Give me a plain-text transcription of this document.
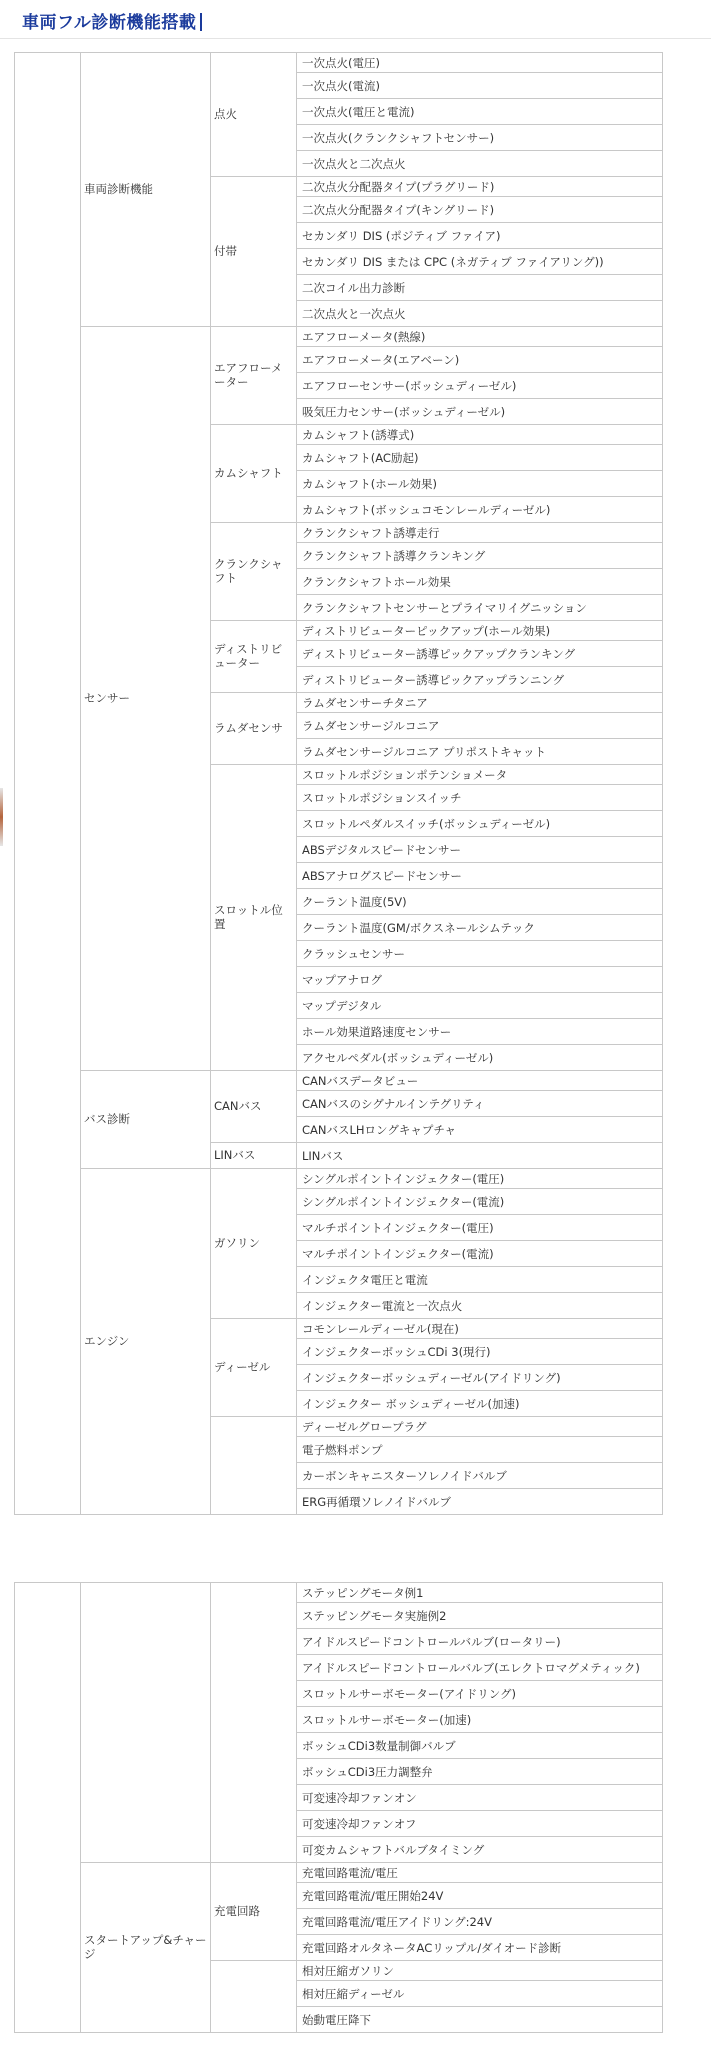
車両フル診断機能搭載
	車両診断機能	点火	一次点火(電圧)
			一次点火(電流)
			一次点火(電圧と電流)
			一次点火(クランクシャフトセンサー)
			一次点火と二次点火
		付帯	二次点火分配器タイプ(プラグリード)
			二次点火分配器タイプ(キングリード)
			セカンダリ DIS (ポジティブ ファイア)
			セカンダリ DIS または CPC (ネガティブ ファイアリング))
			二次コイル出力診断
			二次点火と一次点火
	センサー	エアフローメーター	エアフローメータ(熱線)
			エアフローメータ(エアベーン)
			エアフローセンサー(ボッシュディーゼル)
			吸気圧力センサー(ボッシュディーゼル)
		カムシャフト	カムシャフト(誘導式)
			カムシャフト(AC励起)
			カムシャフト(ホール効果)
			カムシャフト(ボッシュコモンレールディーゼル)
		クランクシャフト	クランクシャフト誘導走行
			クランクシャフト誘導クランキング
			クランクシャフトホール効果
			クランクシャフトセンサーとプライマリイグニッション
		ディストリビューター	ディストリビューターピックアップ(ホール効果)
			ディストリビューター誘導ピックアップクランキング
			ディストリビューター誘導ピックアップランニング
		ラムダセンサ	ラムダセンサーチタニア
			ラムダセンサージルコニア
			ラムダセンサージルコニア プリポストキャット
		スロットル位置	スロットルポジションポテンショメータ
			スロットルポジションスイッチ
			スロットルペダルスイッチ(ボッシュディーゼル)
			ABSデジタルスピードセンサー
			ABSアナログスピードセンサー
			クーラント温度(5V)
			クーラント温度(GM/ボクスネールシムテック
			クラッシュセンサー
			マップアナログ
			マップデジタル
			ホール効果道路速度センサー
			アクセルペダル(ボッシュディーゼル)
	バス診断	CANバス	CANバスデータビュー
			CANバスのシグナルインテグリティ
			CANバスLHロングキャプチャ
		LINバス	LINバス
	エンジン	ガソリン	シングルポイントインジェクター(電圧)
			シングルポイントインジェクター(電流)
			マルチポイントインジェクター(電圧)
			マルチポイントインジェクター(電流)
			インジェクタ電圧と電流
			インジェクター電流と一次点火
		ディーゼル	コモンレールディーゼル(現在)
			インジェクターボッシュCDi 3(現行)
			インジェクターボッシュディーゼル(アイドリング)
			インジェクター ボッシュディーゼル(加速)
			ディーゼルグロープラグ
			電子燃料ポンプ
			カーボンキャニスターソレノイドバルブ
			ERG再循環ソレノイドバルブ
			ステッピングモータ例1
			ステッピングモータ実施例2
			アイドルスピードコントロールバルブ(ロータリー)
			アイドルスピードコントロールバルブ(エレクトロマグメティック)
			スロットルサーボモーター(アイドリング)
			スロットルサーボモーター(加速)
			ボッシュCDi3数量制御バルブ
			ボッシュCDi3圧力調整弁
			可変速冷却ファンオン
			可変速冷却ファンオフ
			可変カムシャフトバルブタイミング
	スタートアップ&チャージ	充電回路	充電回路電流/電圧
			充電回路電流/電圧開始24V
			充電回路電流/電圧アイドリング:24V
			充電回路オルタネータACリップル/ダイオード診断
			相対圧縮ガソリン
			相対圧縮ディーゼル
			始動電圧降下
